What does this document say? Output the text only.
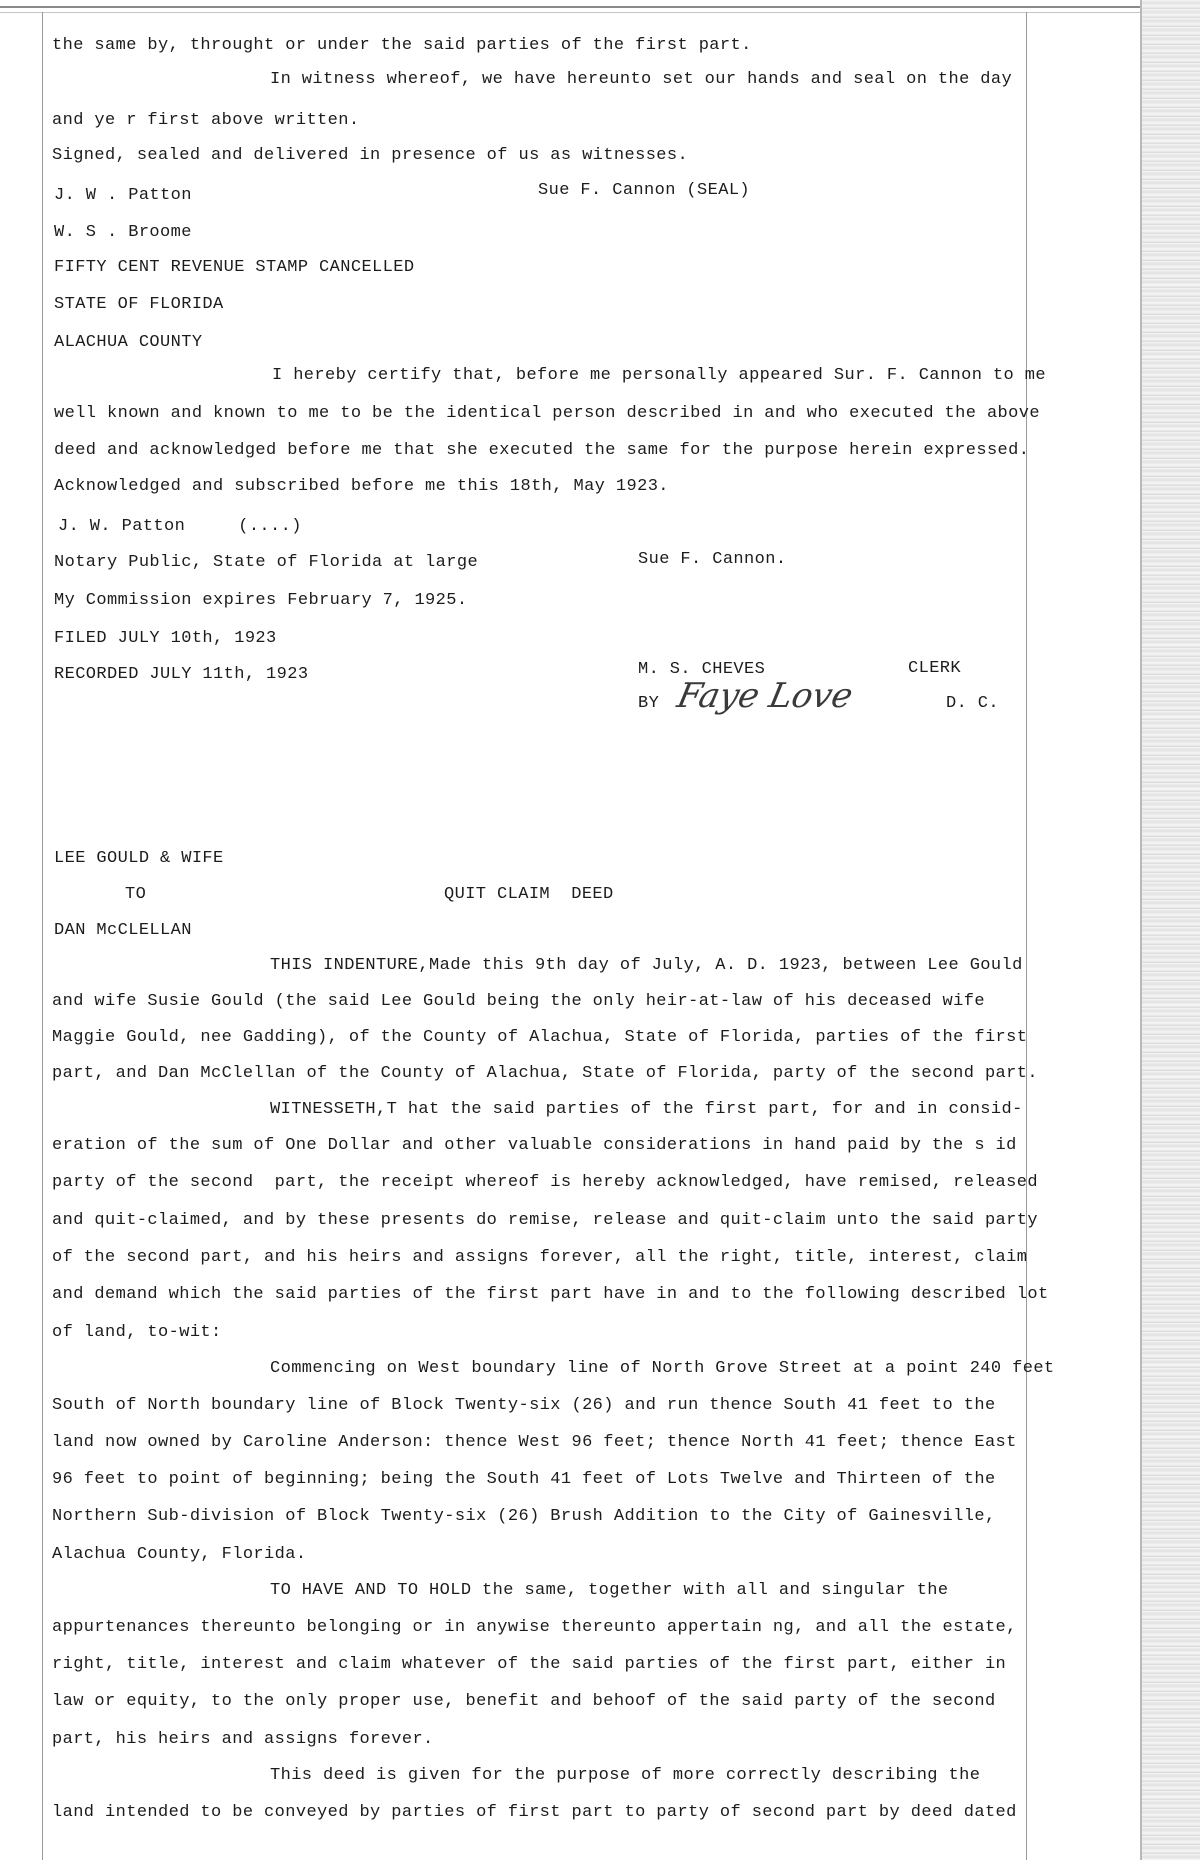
the same by, throught or under the said parties of the first part.
In witness whereof, we have hereunto set our hands and seal on the day
and ye r first above written.
Signed, sealed and delivered in presence of us as witnesses.
J. W . Patton	Sue F. Cannon (SEAL)
W. S . Broome
FIFTY CENT REVENUE STAMP CANCELLED
STATE OF FLORIDA
ALACHUA COUNTY
I hereby certify that, before me personally appeared Sur. F. Cannon to me
well known and known to me to be the identical person described in and who executed the above
deed and acknowledged before me that she executed the same for the purpose herein expressed.
Acknowledged and subscribed before me this 18th, May 1923.
J. W. Patton     (....)
Notary Public, State of Florida at large	Sue F. Cannon.
My Commission expires February 7, 1925.
FILED JULY 10th, 1923
RECORDED JULY 11th, 1923	M. S. CHEVES	CLERK
BY Faye Love	D. C.
LEE GOULD & WIFE
TO	QUIT CLAIM  DEED
DAN McCLELLAN
THIS INDENTURE,Made this 9th day of July, A. D. 1923, between Lee Gould
and wife Susie Gould (the said Lee Gould being the only heir-at-law of his deceased wife
Maggie Gould, nee Gadding), of the County of Alachua, State of Florida, parties of the first
part, and Dan McClellan of the County of Alachua, State of Florida, party of the second part.
WITNESSETH,T hat the said parties of the first part, for and in consid-
eration of the sum of One Dollar and other valuable considerations in hand paid by the s id
party of the second  part, the receipt whereof is hereby acknowledged, have remised, released
and quit-claimed, and by these presents do remise, release and quit-claim unto the said party
of the second part, and his heirs and assigns forever, all the right, title, interest, claim
and demand which the said parties of the first part have in and to the following described lot
of land, to-wit:
Commencing on West boundary line of North Grove Street at a point 240 feet
South of North boundary line of Block Twenty-six (26) and run thence South 41 feet to the
land now owned by Caroline Anderson: thence West 96 feet; thence North 41 feet; thence East
96 feet to point of beginning; being the South 41 feet of Lots Twelve and Thirteen of the
Northern Sub-division of Block Twenty-six (26) Brush Addition to the City of Gainesville,
Alachua County, Florida.
TO HAVE AND TO HOLD the same, together with all and singular the
appurtenances thereunto belonging or in anywise thereunto appertain ng, and all the estate,
right, title, interest and claim whatever of the said parties of the first part, either in
law or equity, to the only proper use, benefit and behoof of the said party of the second
part, his heirs and assigns forever.
This deed is given for the purpose of more correctly describing the
land intended to be conveyed by parties of first part to party of second part by deed dated
